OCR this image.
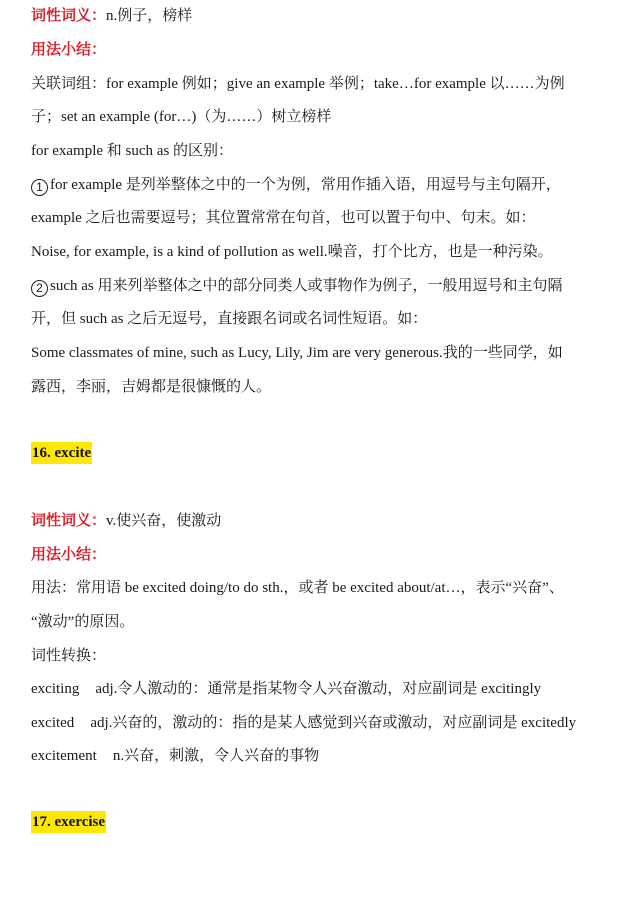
词性词义：n.例子，榜样
用法小结：
关联词组：for example 例如；give an example 举例；take…for example 以……为例
子；set an example (for…)（为……）树立榜样
for example 和 such as 的区别：
1 for example 是列举整体之中的一个为例，常用作插入语，用逗号与主句隔开，
example 之后也需要逗号；其位置常常在句首，也可以置于句中、句末。如：
Noise, for example, is a kind of pollution as well.噪音，打个比方，也是一种污染。
2 such as 用来列举整体之中的部分同类人或事物作为例子，一般用逗号和主句隔
开，但 such as 之后无逗号，直接跟名词或名词性短语。如：
Some classmates of mine, such as Lucy, Lily, Jim are very generous.我的一些同学，如
露西，李丽，吉姆都是很慷慨的人。
16. excite
词性词义：v.使兴奋，使激动
用法小结：
用法：常用语 be excited doing/to do sth.，或者 be excited about/at…，表示“兴奋”、
“激动”的原因。
词性转换：
exciting adj.令人激动的：通常是指某物令人兴奋激动，对应副词是 excitingly
excited adj.兴奋的，激动的：指的是某人感觉到兴奋或激动，对应副词是 excitedly
excitement n.兴奋，刺激，令人兴奋的事物
17. exercise
